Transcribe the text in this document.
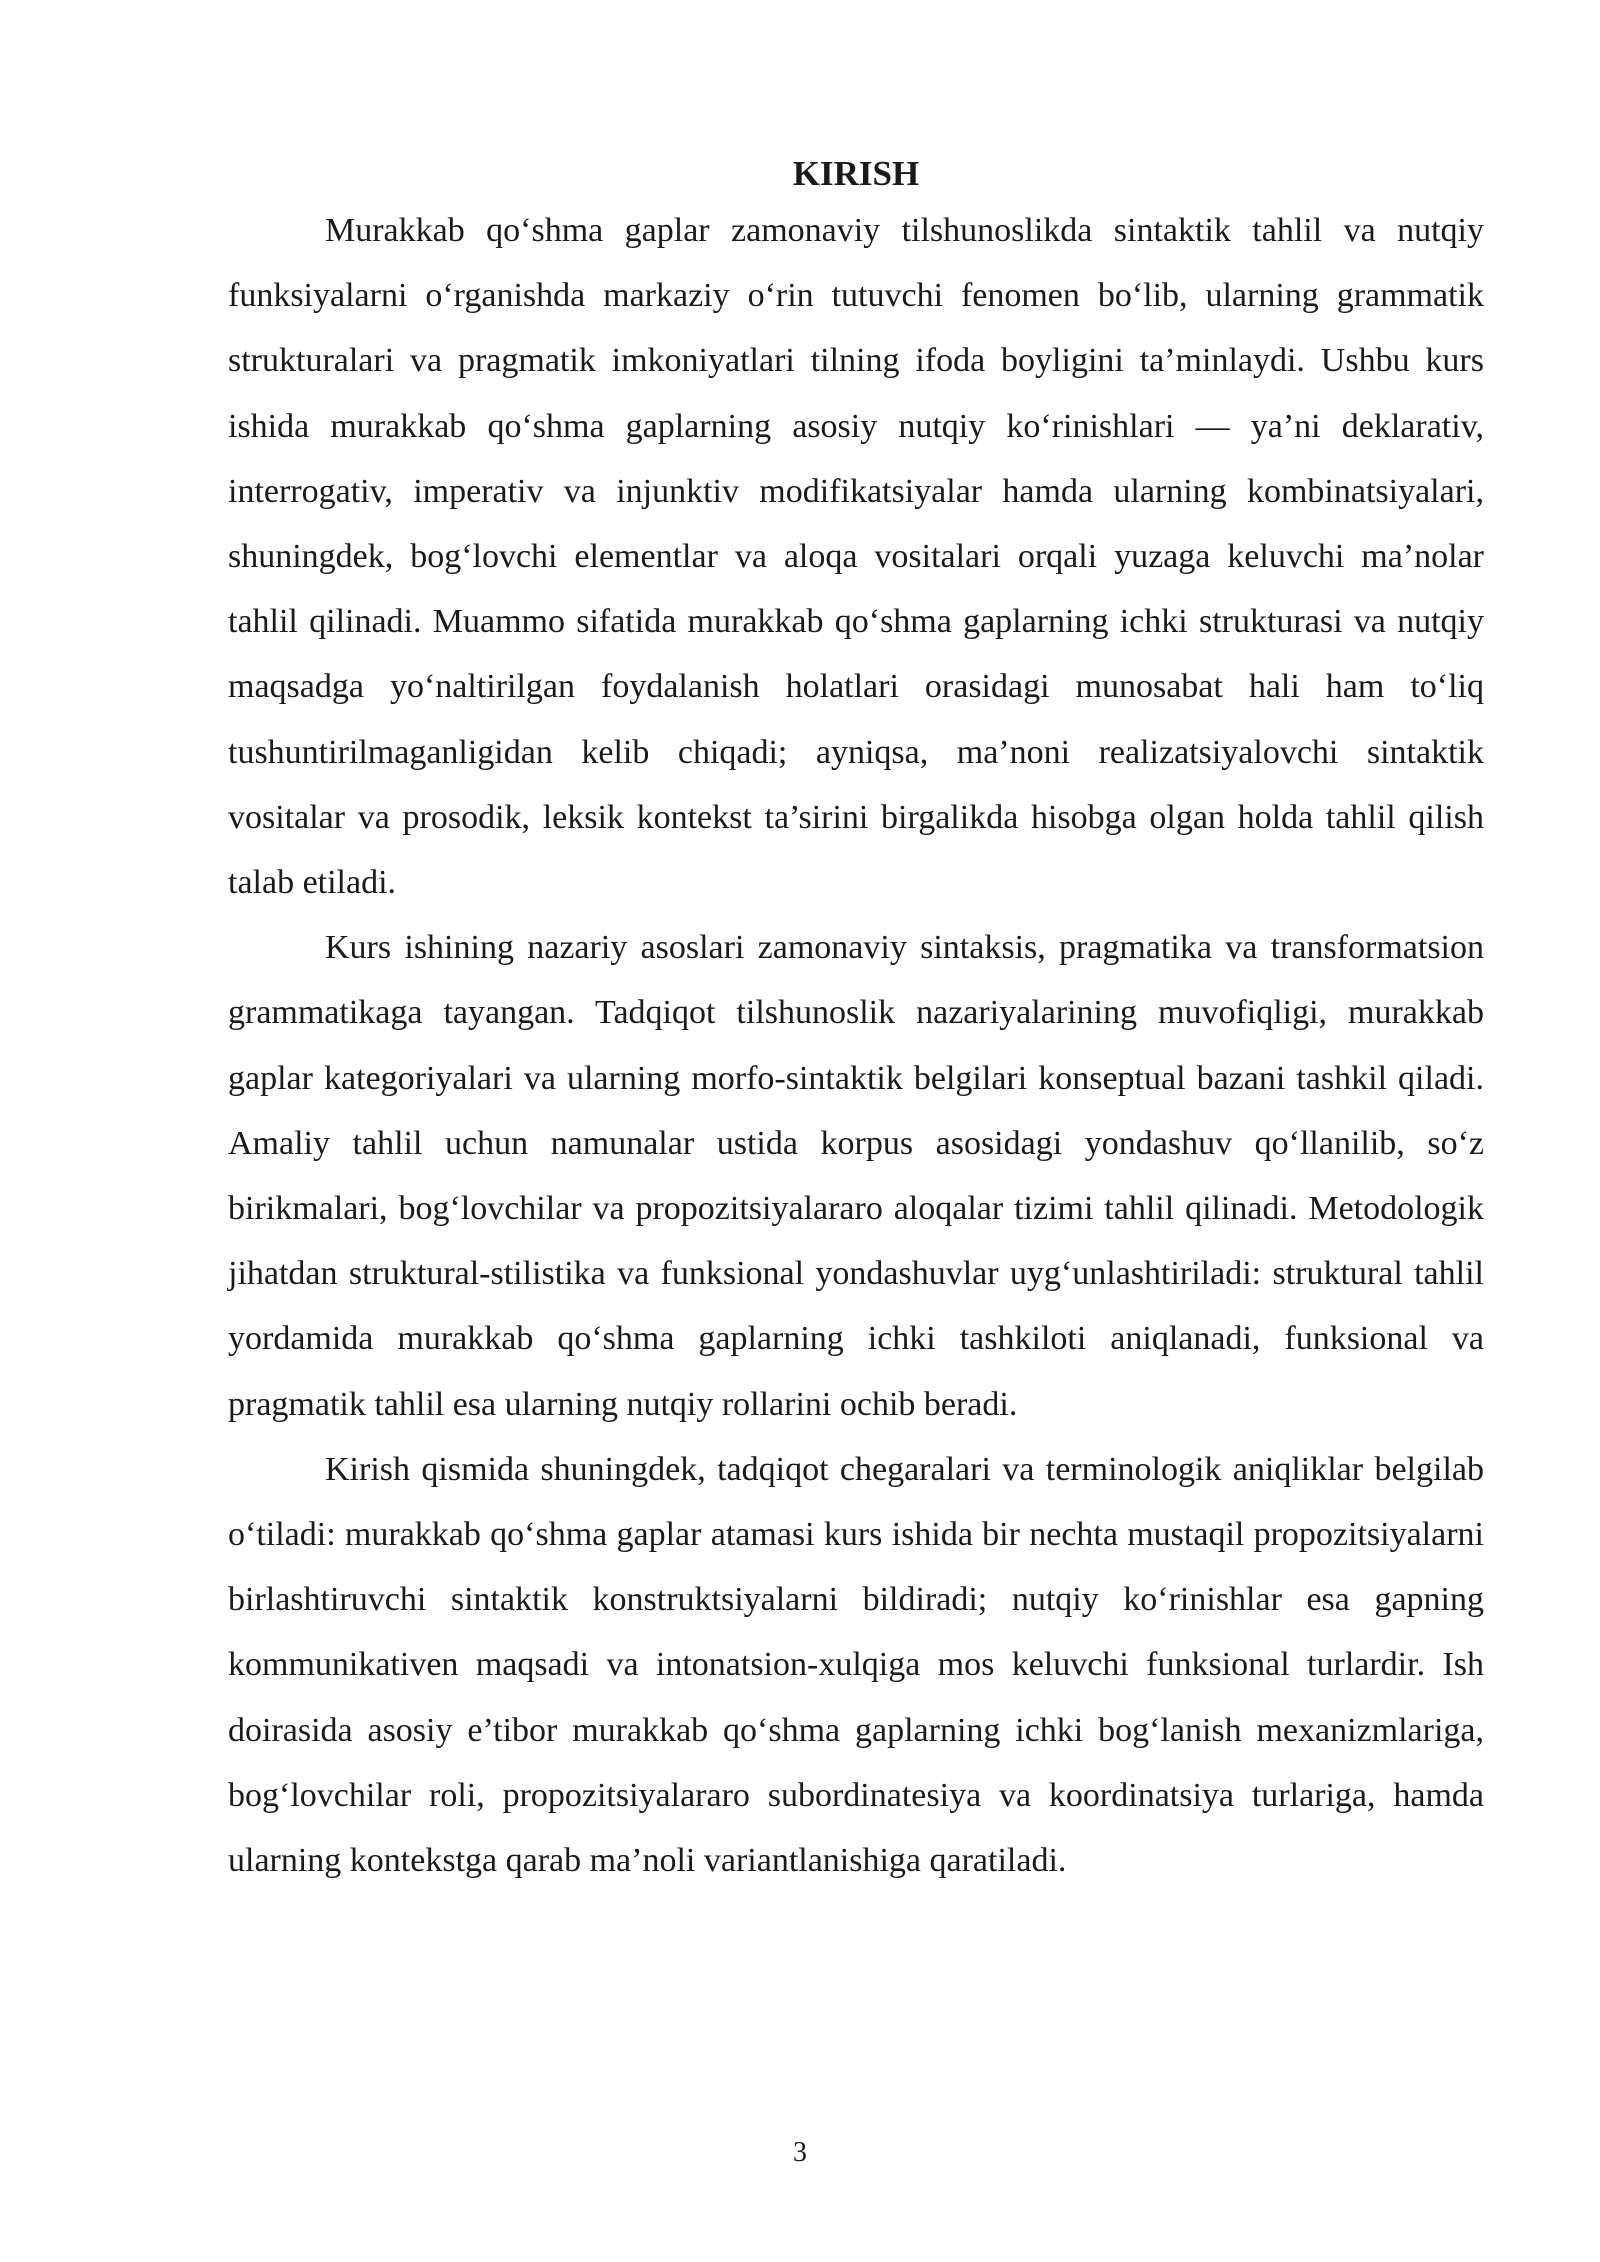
KIRISH

Murakkab qo‘shma gaplar zamonaviy tilshunoslikda sintaktik tahlil va nutqiy funksiyalarni o‘rganishda markaziy o‘rin tutuvchi fenomen bo‘lib, ularning grammatik strukturalari va pragmatik imkoniyatlari tilning ifoda boyligini ta’minlaydi. Ushbu kurs ishida murakkab qo‘shma gaplarning asosiy nutqiy ko‘rinishlari — ya’ni deklarativ, interrogativ, imperativ va injunktiv modifikatsiyalar hamda ularning kombinatsiyalari, shuningdek, bog‘lovchi elementlar va aloqa vositalari orqali yuzaga keluvchi ma’nolar tahlil qilinadi. Muammo sifatida murakkab qo‘shma gaplarning ichki strukturasi va nutqiy maqsadga yo‘naltirilgan foydalanish holatlari orasidagi munosabat hali ham to‘liq tushuntirilmaganligidan kelib chiqadi; ayniqsa, ma’noni realizatsiyalovchi sintaktik vositalar va prosodik, leksik kontekst ta’sirini birgalikda hisobga olgan holda tahlil qilish talab etiladi.

Kurs ishining nazariy asoslari zamonaviy sintaksis, pragmatika va transformatsion grammatikaga tayangan. Tadqiqot tilshunoslik nazariyalarining muvofiqligi, murakkab gaplar kategoriyalari va ularning morfo-sintaktik belgilari konseptual bazani tashkil qiladi. Amaliy tahlil uchun namunalar ustida korpus asosidagi yondashuv qo‘llanilib, so‘z birikmalari, bog‘lovchilar va propozitsiyalararo aloqalar tizimi tahlil qilinadi. Metodologik jihatdan struktural-stilistika va funksional yondashuvlar uyg‘unlashtiriladi: struktural tahlil yordamida murakkab qo‘shma gaplarning ichki tashkiloti aniqlanadi, funksional va pragmatik tahlil esa ularning nutqiy rollarini ochib beradi.

Kirish qismida shuningdek, tadqiqot chegaralari va terminologik aniqliklar belgilab o‘tiladi: murakkab qo‘shma gaplar atamasi kurs ishida bir nechta mustaqil propozitsiyalarni birlashtiruvchi sintaktik konstruktsiyalarni bildiradi; nutqiy ko‘rinishlar esa gapning kommunikativen maqsadi va intonatsion-xulqiga mos keluvchi funksional turlardir. Ish doirasida asosiy e’tibor murakkab qo‘shma gaplarning ichki bog‘lanish mexanizmlariga, bog‘lovchilar roli, propozitsiyalararo subordinatesiya va koordinatsiya turlariga, hamda ularning kontekstga qarab ma’noli variantlanishiga qaratiladi.

3
